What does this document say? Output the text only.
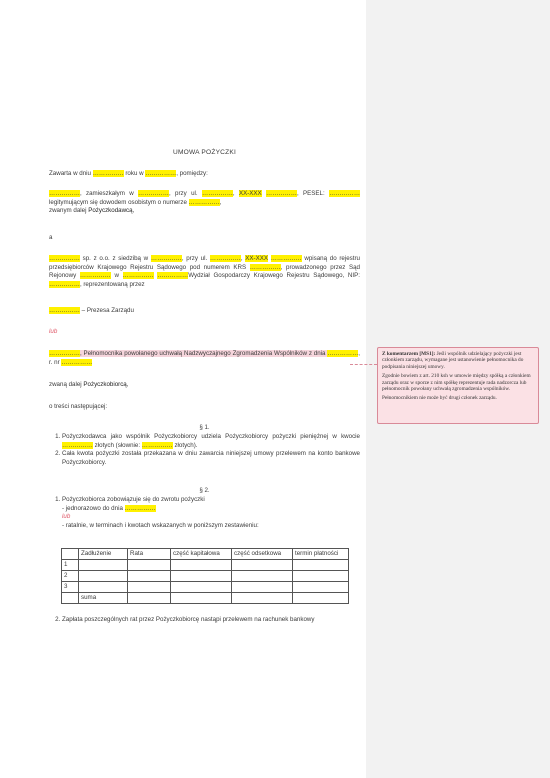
UMOWA POŻYCZKI
Zawarta w dniu …………… roku w ……………, pomiędzy:
……………, zamieszkałym w ……………, przy ul. ……………, XX-XXX ……………, PESEL: …………… legitymującym się dowodem osobistym o numerze ……………,
zwanym dalej Pożyczkodawcą,
a
…………… sp. z o.o. z siedzibą w ……………, przy ul. ……………, XX-XXX …………… wpisaną do rejestru przedsiębiorców Krajowego Rejestru Sądowego pod numerem KRS ……………, prowadzonego przez Sąd Rejonowy …………… w …………… ……………Wydział Gospodarczy Krajowego Rejestru Sądowego, NIP: ……………, reprezentowaną przez
…………… – Prezesa Zarządu
lub
……………, Pełnomocnika powołanego uchwałą Nadzwyczajnego Zgromadzenia Wspólników z dnia ……………, r. nr ……………
zwaną dalej Pożyczkobiorcą,
o treści następującej:
§ 1.
1. Pożyczkodawca jako wspólnik Pożyczkobiorcy udziela Pożyczkobiorcy pożyczki pieniężnej w kwocie …………… złotych (słownie: …………… złotych).
2. Cała kwota pożyczki została przekazana w dniu zawarcia niniejszej umowy przelewem na konto bankowe Pożyczkobiorcy.
§ 2.
1. Pożyczkobiorca zobowiązuje się do zwrotu pożyczki
- jednorazowo do dnia ……………
lub
- ratalnie, w terminach i kwotach wskazanych w poniższym zestawieniu:
	Zadłużenie	Rata	część kapitałowa	część odsetkowa	termin płatności
1					
2					
3					
	suma				
2. Zapłata poszczególnych rat przez Pożyczkobiorcę nastąpi przelewem na rachunek bankowy

Z komentarzem [MS1]: Jeśli wspólnik udzielający pożyczki jest członkiem zarządu, wymagane jest ustanowienie pełnomocnika do podpisania niniejszej umowy.

Zgodnie bowiem z art. 210 ksh w umowie między spółką a członkiem zarządu oraz w sporze z nim spółkę reprezentuje rada nadzorcza lub pełnomocnik powołany uchwałą zgromadzenia wspólników.

Pełnomocnikiem nie może być drugi członek zarządu.
